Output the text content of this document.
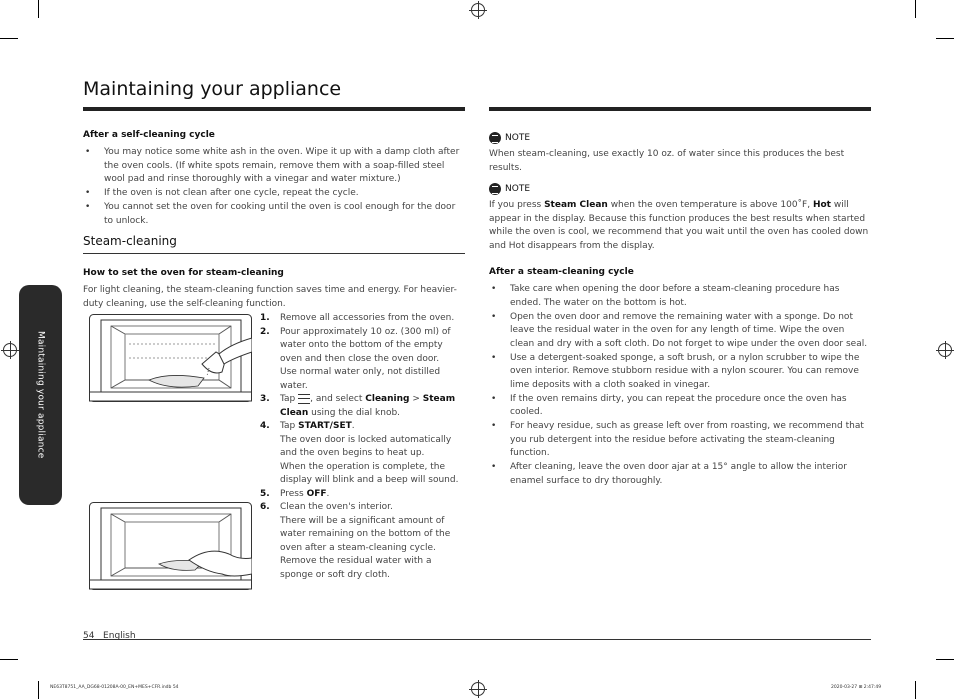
Maintaining your appliance
Maintaining your appliance
After a self-cleaning cycle
• You may notice some white ash in the oven. Wipe it up with a damp cloth after the oven cools. (If white spots remain, remove them with a soap-filled steel wool pad and rinse thoroughly with a vinegar and water mixture.)
• If the oven is not clean after one cycle, repeat the cycle.
• You cannot set the oven for cooking until the oven is cool enough for the door to unlock.
Steam-cleaning
How to set the oven for steam-cleaning
For light cleaning, the steam-cleaning function saves time and energy. For heavier-duty cleaning, use the self-cleaning function.
1. Remove all accessories from the oven.
2. Pour approximately 10 oz. (300 ml) of water onto the bottom of the empty oven and then close the oven door.
Use normal water only, not distilled water.
3. Tap , and select Cleaning > Steam Clean using the dial knob.
4. Tap START/SET.
The oven door is locked automatically and the oven begins to heat up.
When the operation is complete, the display will blink and a beep will sound.
5. Press OFF.
6. Clean the oven's interior.
There will be a significant amount of water remaining on the bottom of the oven after a steam-cleaning cycle. Remove the residual water with a sponge or soft dry cloth.
NOTE
When steam-cleaning, use exactly 10 oz. of water since this produces the best results.
NOTE
If you press Steam Clean when the oven temperature is above 100˚F, Hot will appear in the display. Because this function produces the best results when started while the oven is cool, we recommend that you wait until the oven has cooled down and Hot disappears from the display.
After a steam-cleaning cycle
• Take care when opening the door before a steam-cleaning procedure has ended. The water on the bottom is hot.
• Open the oven door and remove the remaining water with a sponge. Do not leave the residual water in the oven for any length of time. Wipe the oven clean and dry with a soft cloth. Do not forget to wipe under the oven door seal.
• Use a detergent-soaked sponge, a soft brush, or a nylon scrubber to wipe the oven interior. Remove stubborn residue with a nylon scourer. You can remove lime deposits with a cloth soaked in vinegar.
• If the oven remains dirty, you can repeat the procedure once the oven has cooled.
• For heavy residue, such as grease left over from roasting, we recommend that you rub detergent into the residue before activating the steam-cleaning function.
• After cleaning, leave the oven door ajar at a 15° angle to allow the interior enamel surface to dry thoroughly.
54 English
NE63T8751_AA_DG68-01208A-00_EN+MES+CFR.indb 54	2020-03-27 ⊞ 2:47:49
